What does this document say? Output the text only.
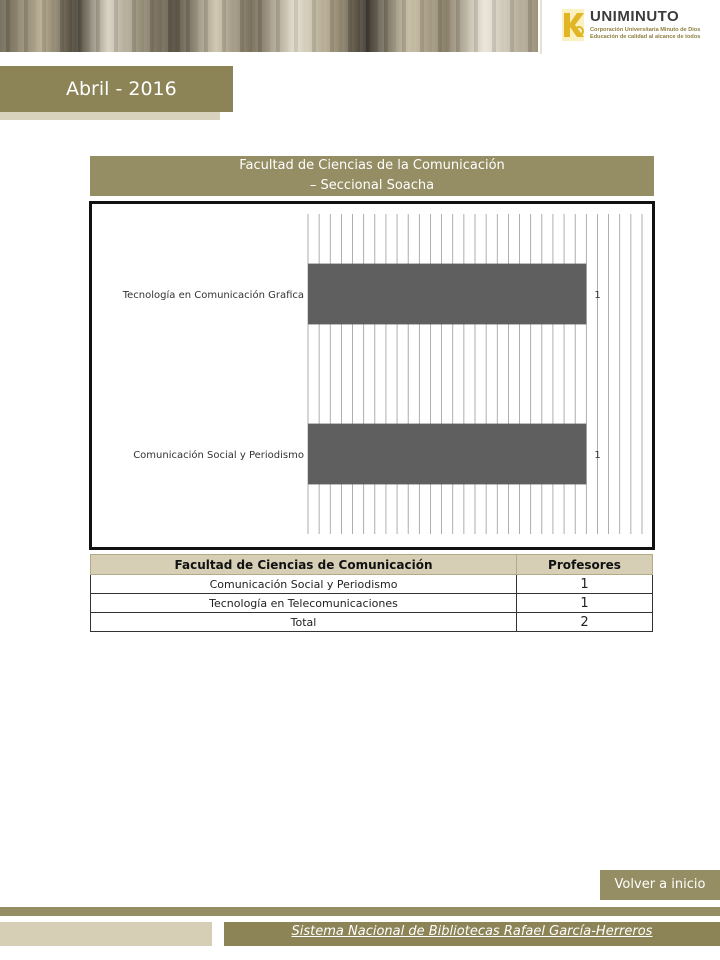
UNIMINUTO
Corporación Universitaria Minuto de Dios
Educación de calidad al alcance de todos
Abril - 2016
Facultad de Ciencias de la Comunicación
– Seccional Soacha
Tecnología en Comunicación Grafica	1
Comunicación Social y Periodismo	1
Facultad de Ciencias de Comunicación	Profesores
Comunicación Social y Periodismo	1
Tecnología en Telecomunicaciones	1
Total	2
Volver a inicio
Sistema Nacional de Bibliotecas Rafael García-Herreros
